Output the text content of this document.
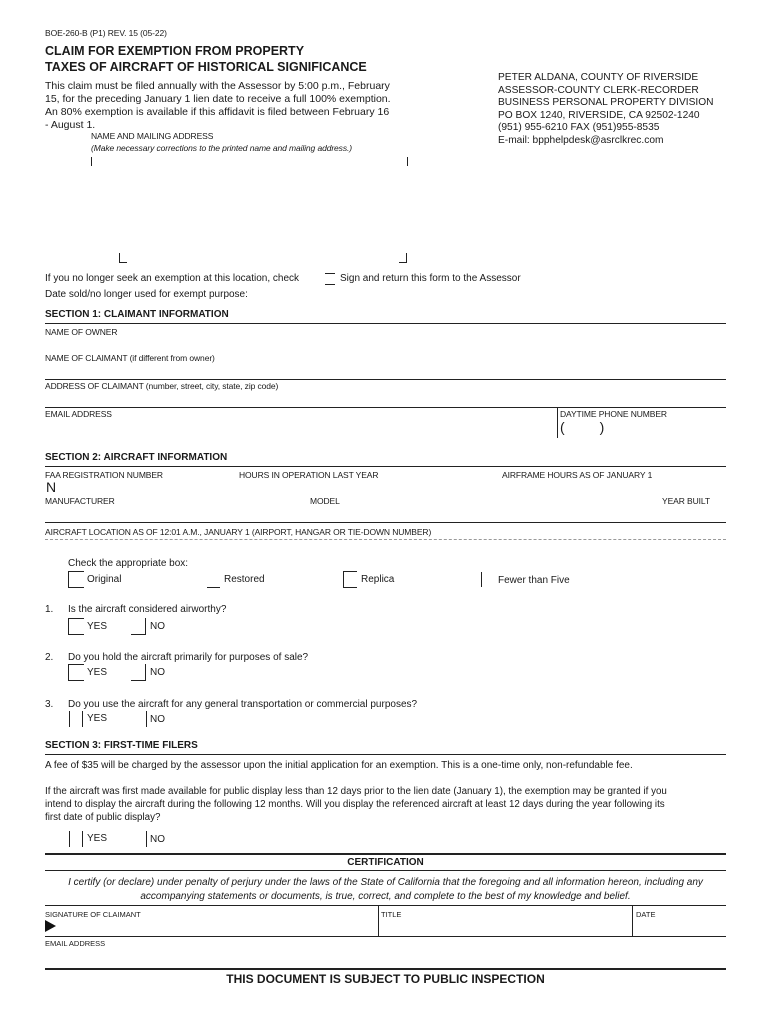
BOE-260-B (P1) REV. 15 (05-22)
CLAIM FOR EXEMPTION FROM PROPERTY
TAXES OF AIRCRAFT OF HISTORICAL SIGNIFICANCE
This claim must be filed annually with the Assessor by 5:00 p.m., February
15, for the preceding January 1 lien date to receive a full 100% exemption.
An 80% exemption is available if this affidavit is filed between February 16
- August 1.
NAME AND MAILING ADDRESS
(Make necessary corrections to the printed name and mailing address.)
PETER ALDANA, COUNTY OF RIVERSIDE
ASSESSOR-COUNTY CLERK-RECORDER
BUSINESS PERSONAL PROPERTY DIVISION
PO BOX 1240, RIVERSIDE, CA 92502-1240
(951) 955-6210 FAX (951)955-8535
E-mail: bpphelpdesk@asrclkrec.com
If you no longer seek an exemption at this location, check	Sign and return this form to the Assessor
Date sold/no longer used for exempt purpose:
SECTION 1: CLAIMANT INFORMATION
NAME OF OWNER
NAME OF CLAIMANT (if different from owner)
ADDRESS OF CLAIMANT (number, street, city, state, zip code)
EMAIL ADDRESS	DAYTIME PHONE NUMBER
(         )
SECTION 2: AIRCRAFT INFORMATION
FAA REGISTRATION NUMBER	HOURS IN OPERATION LAST YEAR	AIRFRAME HOURS AS OF JANUARY 1
N
MANUFACTURER	MODEL	YEAR BUILT
AIRCRAFT LOCATION AS OF 12:01 A.M., JANUARY 1 (AIRPORT, HANGAR OR TIE-DOWN NUMBER)
Check the appropriate box:
Original	Restored	Replica	Fewer than Five
1. Is the aircraft considered airworthy?
YES	NO
2. Do you hold the aircraft primarily for purposes of sale?
YES	NO
3. Do you use the aircraft for any general transportation or commercial purposes?
YES	NO
SECTION 3: FIRST-TIME FILERS
A fee of $35 will be charged by the assessor upon the initial application for an exemption. This is a one-time only, non-refundable fee.
If the aircraft was first made available for public display less than 12 days prior to the lien date (January 1), the exemption may be granted if you
intend to display the aircraft during the following 12 months. Will you display the referenced aircraft at least 12 days during the year following its
first date of public display?
YES	NO
CERTIFICATION
I certify (or declare) under penalty of perjury under the laws of the State of California that the foregoing and all information hereon, including any
accompanying statements or documents, is true, correct, and complete to the best of my knowledge and belief.
SIGNATURE OF CLAIMANT	TITLE	DATE
EMAIL ADDRESS
THIS DOCUMENT IS SUBJECT TO PUBLIC INSPECTION
